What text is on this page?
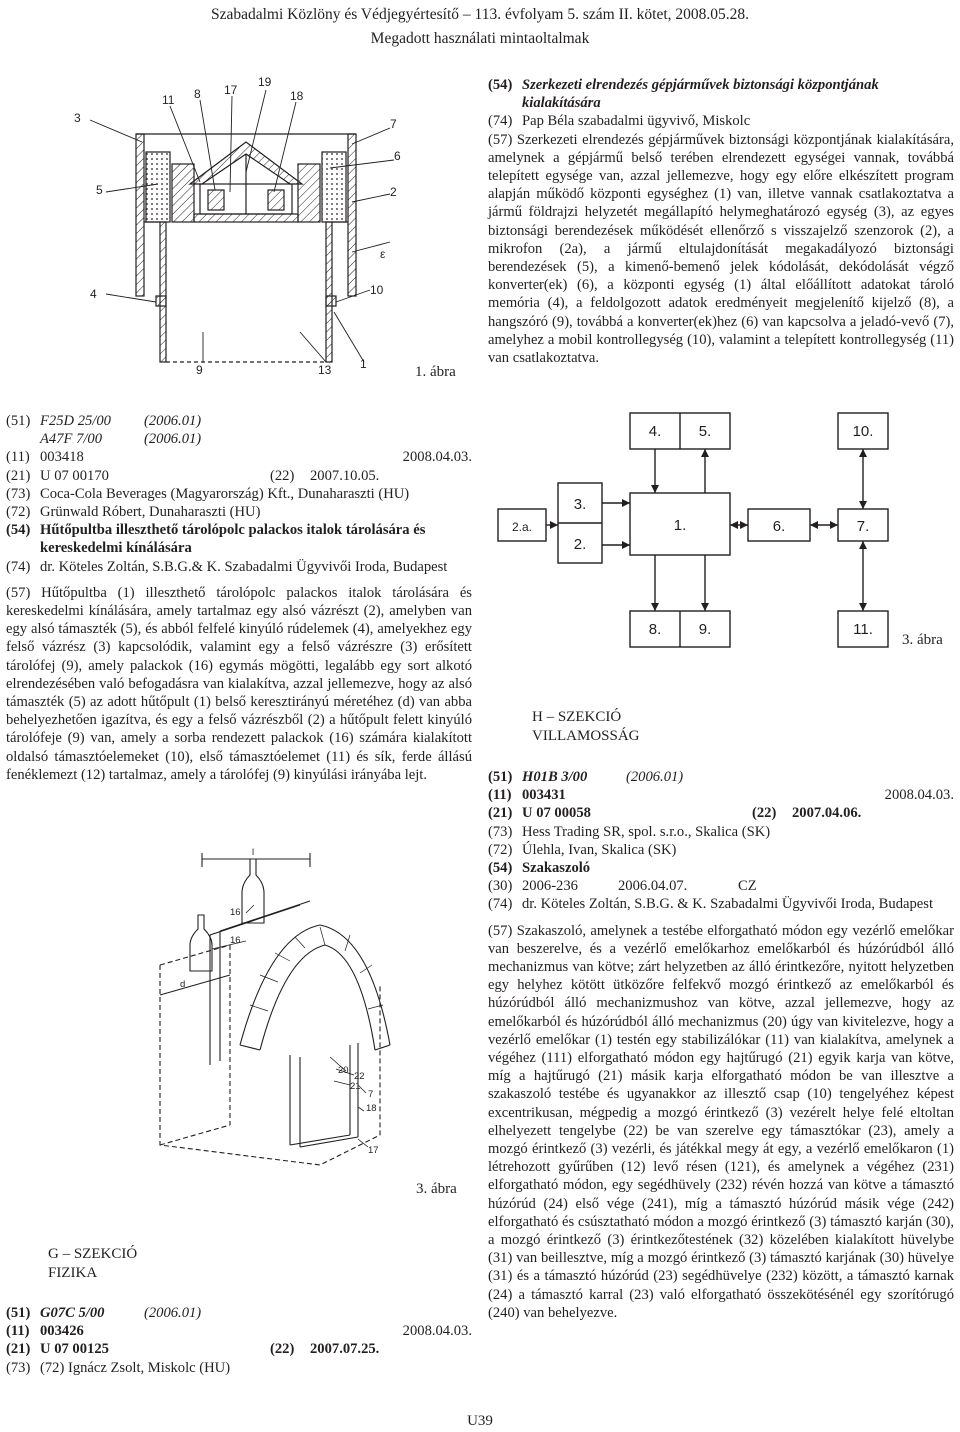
Szabadalmi Közlöny és Védjegyértesítő – 113. évfolyam 5. szám II. kötet, 2008.05.28.
Megadott használati mintaoltalmak
3
11 8 17
19
18
7
6
5	2
ε
4	10
9	13 1	1. ábra
(54) Szerkezeti elrendezés gépjárművek biztonsági központjának kialakítására
(74) Pap Béla szabadalmi ügyvivő, Miskolc

(57) Szerkezeti elrendezés gépjárművek biztonsági központjának kialakítására, amelynek a gépjármű belső terében elrendezett egységei vannak, továbbá telepített egysége van, azzal jellemezve, hogy egy előre elkészített program alapján működő központi egységhez (1) van, illetve vannak csatlakoztatva a jármű földrajzi helyzetét megállapító helymeghatározó egység (3), az egyes biztonsági berendezések működését ellenőrző s visszajelző szenzorok (2), a mikrofon (2a), a jármű eltulajdonítását megakadályozó biztonsági berendezések (5), a kimenő-bemenő jelek kódolását, dekódolását végző konverter(ek) (6), a központi egység (1) által előállított adatokat tároló memória (4), a feldolgozott adatok eredményeit megjelenítő kijelző (8), a hangszóró (9), továbbá a konverter(ek)hez (6) van kapcsolva a jeladó-vevő (7), amelyhez a mobil kontrollegység (10), valamint a telepített kontrollegység (11) van csatlakoztatva.

(51) F25D 25/00	(2006.01)
A47F 7/00	(2006.01)
(11) 003418	2008.04.03.
(21) U 07 00170	(22)	2007.10.05.
(73) Coca-Cola Beverages (Magyarország) Kft., Dunaharaszti (HU)
(72) Grünwald Róbert, Dunaharaszti (HU)
(54) Hűtőpultba illeszthető tárolópolc palackos italok tárolására és kereskedelmi kínálására
(74) dr. Köteles Zoltán, S.B.G.& K. Szabadalmi Ügyvivői Iroda, Budapest

(57) Hűtőpultba (1) illeszthető tárolópolc palackos italok tárolására és kereskedelmi kínálására, amely tartalmaz egy alsó vázrészt (2), amelyben van egy alsó támaszték (5), és abból felfelé kinyúló rúdelemek (4), amelyekhez egy felső vázrész (3) kapcsolódik, valamint egy a felső vázrészre (3) erősített tárolófej (9), amely palackok (16) egymás mögötti, legalább egy sort alkotó elrendezésében való befogadásra van kialakítva, azzal jellemezve, hogy az alsó támaszték (5) az adott hűtőpult (1) belső keresztirányú méretéhez (d) van abba behelyezhetően igazítva, és egy a felső vázrészből (2) a hűtőpult felett kinyúló tárolófeje (9) van, amely a sorba rendezett palackok (16) számára kialakított oldalsó támasztóelemeket (10), első támasztóelemet (11) és sík, ferde állású fenéklemezt (12) tartalmaz, amely a tárolófej (9) kinyúlási irányába lejt.

l
16
16
d
20
22
21
7
18
17
3. ábra
G – SZEKCIÓ
FIZIKA
(51) G07C 5/00	(2006.01)
(11) 003426	2008.04.03.
(21) U 07 00125	(22)	2007.07.25.
(73) (72) Ignácz Zsolt, Miskolc (HU)
4. 5.	10.
3.
2.a.	1.	6.	7.
2.
8. 9.	11.
3. ábra
H – SZEKCIÓ
VILLAMOSSÁG
(51) H01B 3/00	(2006.01)
(11) 003431	2008.04.03.
(21) U 07 00058	(22)	2007.04.06.
(73) Hess Trading SR, spol. s.r.o., Skalica (SK)
(72) Úlehla, Ivan, Skalica (SK)
(54) Szakaszoló
(30) 2006-236	2006.04.07.	CZ
(74) dr. Köteles Zoltán, S.B.G. & K. Szabadalmi Ügyvivői Iroda, Budapest

(57) Szakaszoló, amelynek a testébe elforgatható módon egy vezérlő emelőkar van beszerelve, és a vezérlő emelőkarhoz emelőkarból és húzórúdból álló mechanizmus van kötve; zárt helyzetben az álló érintkezőre, nyitott helyzetben egy helyhez kötött ütközőre felfekvő mozgó érintkező az emelőkarból és húzórúdból álló mechanizmushoz van kötve, azzal jellemezve, hogy az emelőkarból és húzórúdból álló mechanizmus (20) úgy van kivitelezve, hogy a vezérlő emelőkar (1) testén egy stabilizálókar (11) van kialakítva, amelynek a végéhez (111) elforgatható módon egy hajtűrugó (21) egyik karja van kötve, míg a hajtűrugó (21) másik karja elforgatható módon be van illesztve a szakaszoló testébe és ugyanakkor az illesztő csap (10) tengelyéhez képest excentrikusan, mégpedig a mozgó érintkező (3) vezérelt helye felé eltoltan elhelyezett tengelybe (22) be van szerelve egy támasztókar (23), amely a mozgó érintkező (3) vezérli, és játékkal megy át egy, a vezérlő emelőkaron (1) létrehozott gyűrűben (12) levő résen (121), és amelynek a végéhez (231) elforgatható módon, egy segédhüvely (232) révén hozzá van kötve a támasztó húzórúd (24) első vége (241), míg a támasztó húzórúd másik vége (242) elforgatható és csúsztatható módon a mozgó érintkező (3) támasztó karján (30), a mozgó érintkező (3) érintkezőtestének (32) közelében kialakított hüvelybe (31) van beillesztve, míg a mozgó érintkező (3) támasztó karjának (30) hüvelye (31) és a támasztó húzórúd (23) segédhüvelye (232) között, a támasztó karnak (24) a támasztó karral (23) való elforgatható összekötésénél egy szorítórugó (240) van behelyezve.

U39
